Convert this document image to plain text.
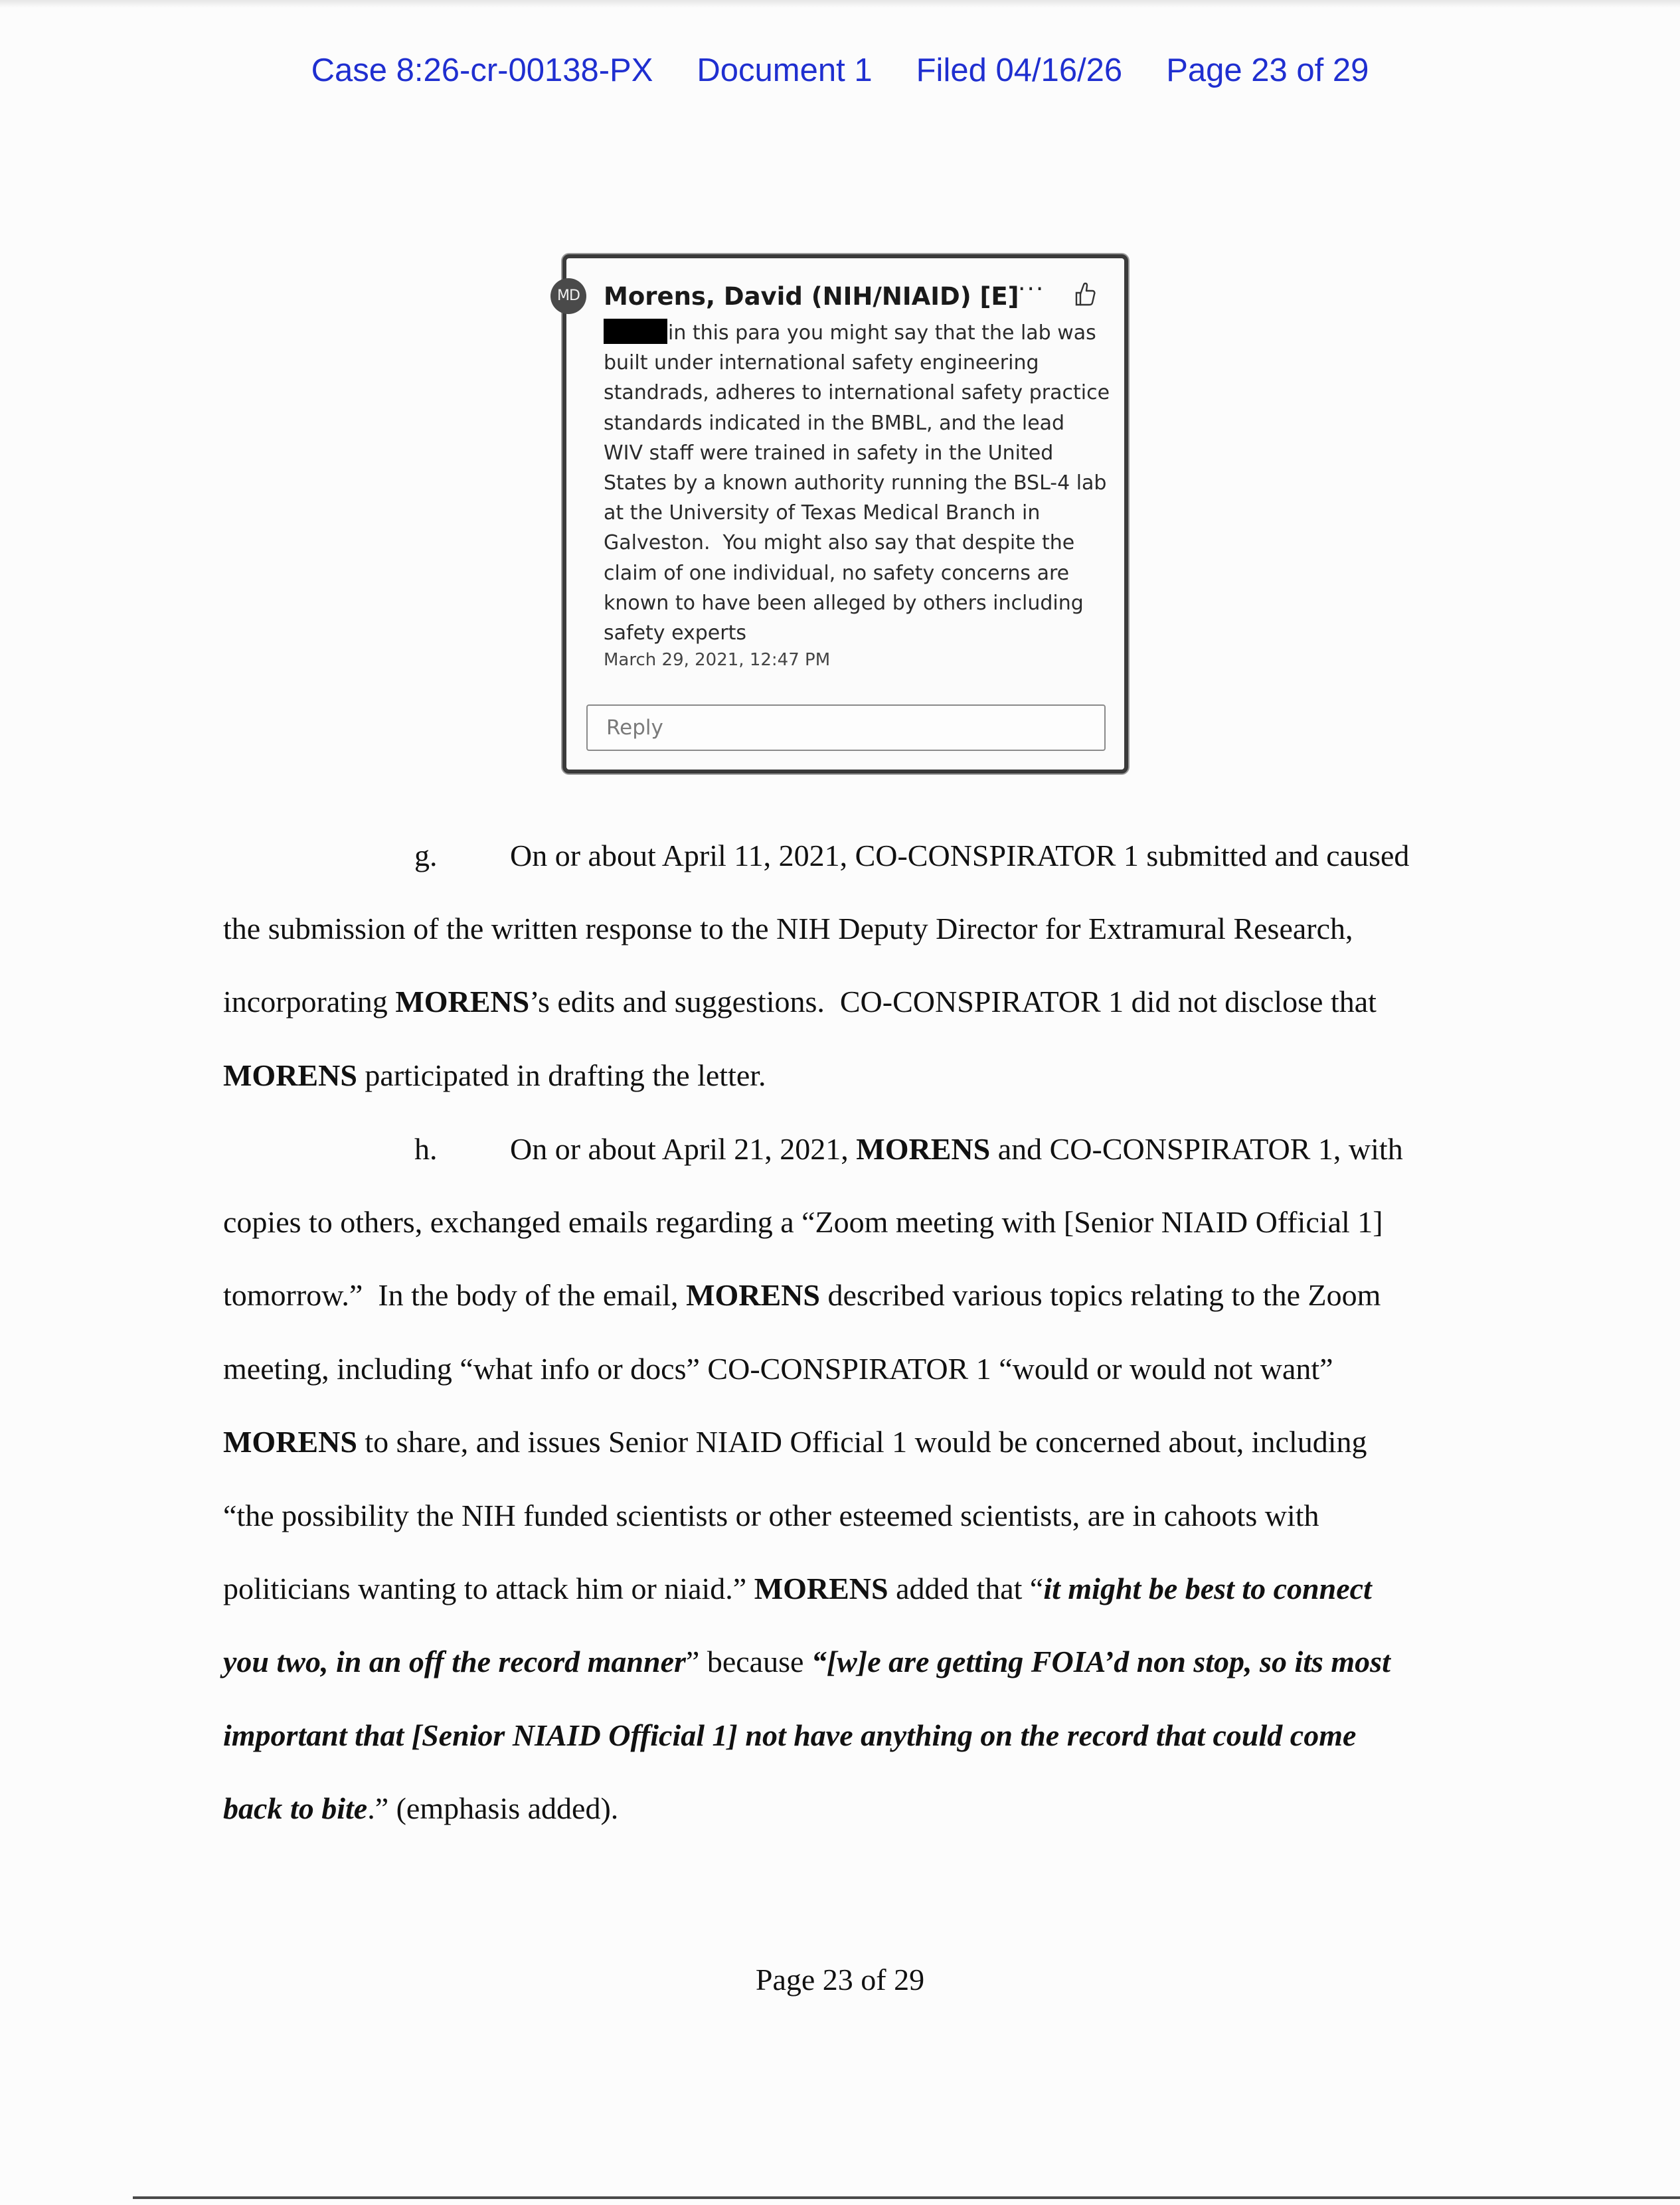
Case 8:26-cr-00138-PX Document 1 Filed 04/16/26 Page 23 of 29
MD Morens, David (NIH/NIAID) [E]
···
in this para you might say that the lab was
built under international safety engineering
standrads, adheres to international safety practice
standards indicated in the BMBL, and the lead
WIV staff were trained in safety in the United
States by a known authority running the BSL-4 lab
at the University of Texas Medical Branch in
Galveston.  You might also say that despite the
claim of one individual, no safety concerns are
known to have been alleged by others including
safety experts
March 29, 2021, 12:47 PM
Reply
g. On or about April 11, 2021, CO-CONSPIRATOR 1 submitted and caused
the submission of the written response to the NIH Deputy Director for Extramural Research,
incorporating MORENS’s edits and suggestions.  CO-CONSPIRATOR 1 did not disclose that
MORENS participated in drafting the letter.
h. On or about April 21, 2021, MORENS and CO-CONSPIRATOR 1, with
copies to others, exchanged emails regarding a “Zoom meeting with [Senior NIAID Official 1]
tomorrow.”  In the body of the email, MORENS described various topics relating to the Zoom
meeting, including “what info or docs” CO-CONSPIRATOR 1 “would or would not want”
MORENS to share, and issues Senior NIAID Official 1 would be concerned about, including
“the possibility the NIH funded scientists or other esteemed scientists, are in cahoots with
politicians wanting to attack him or niaid.” MORENS added that “it might be best to connect
you two, in an off the record manner” because “[w]e are getting FOIA’d non stop, so its most
important that [Senior NIAID Official 1] not have anything on the record that could come
back to bite.” (emphasis added).
Page 23 of 29
